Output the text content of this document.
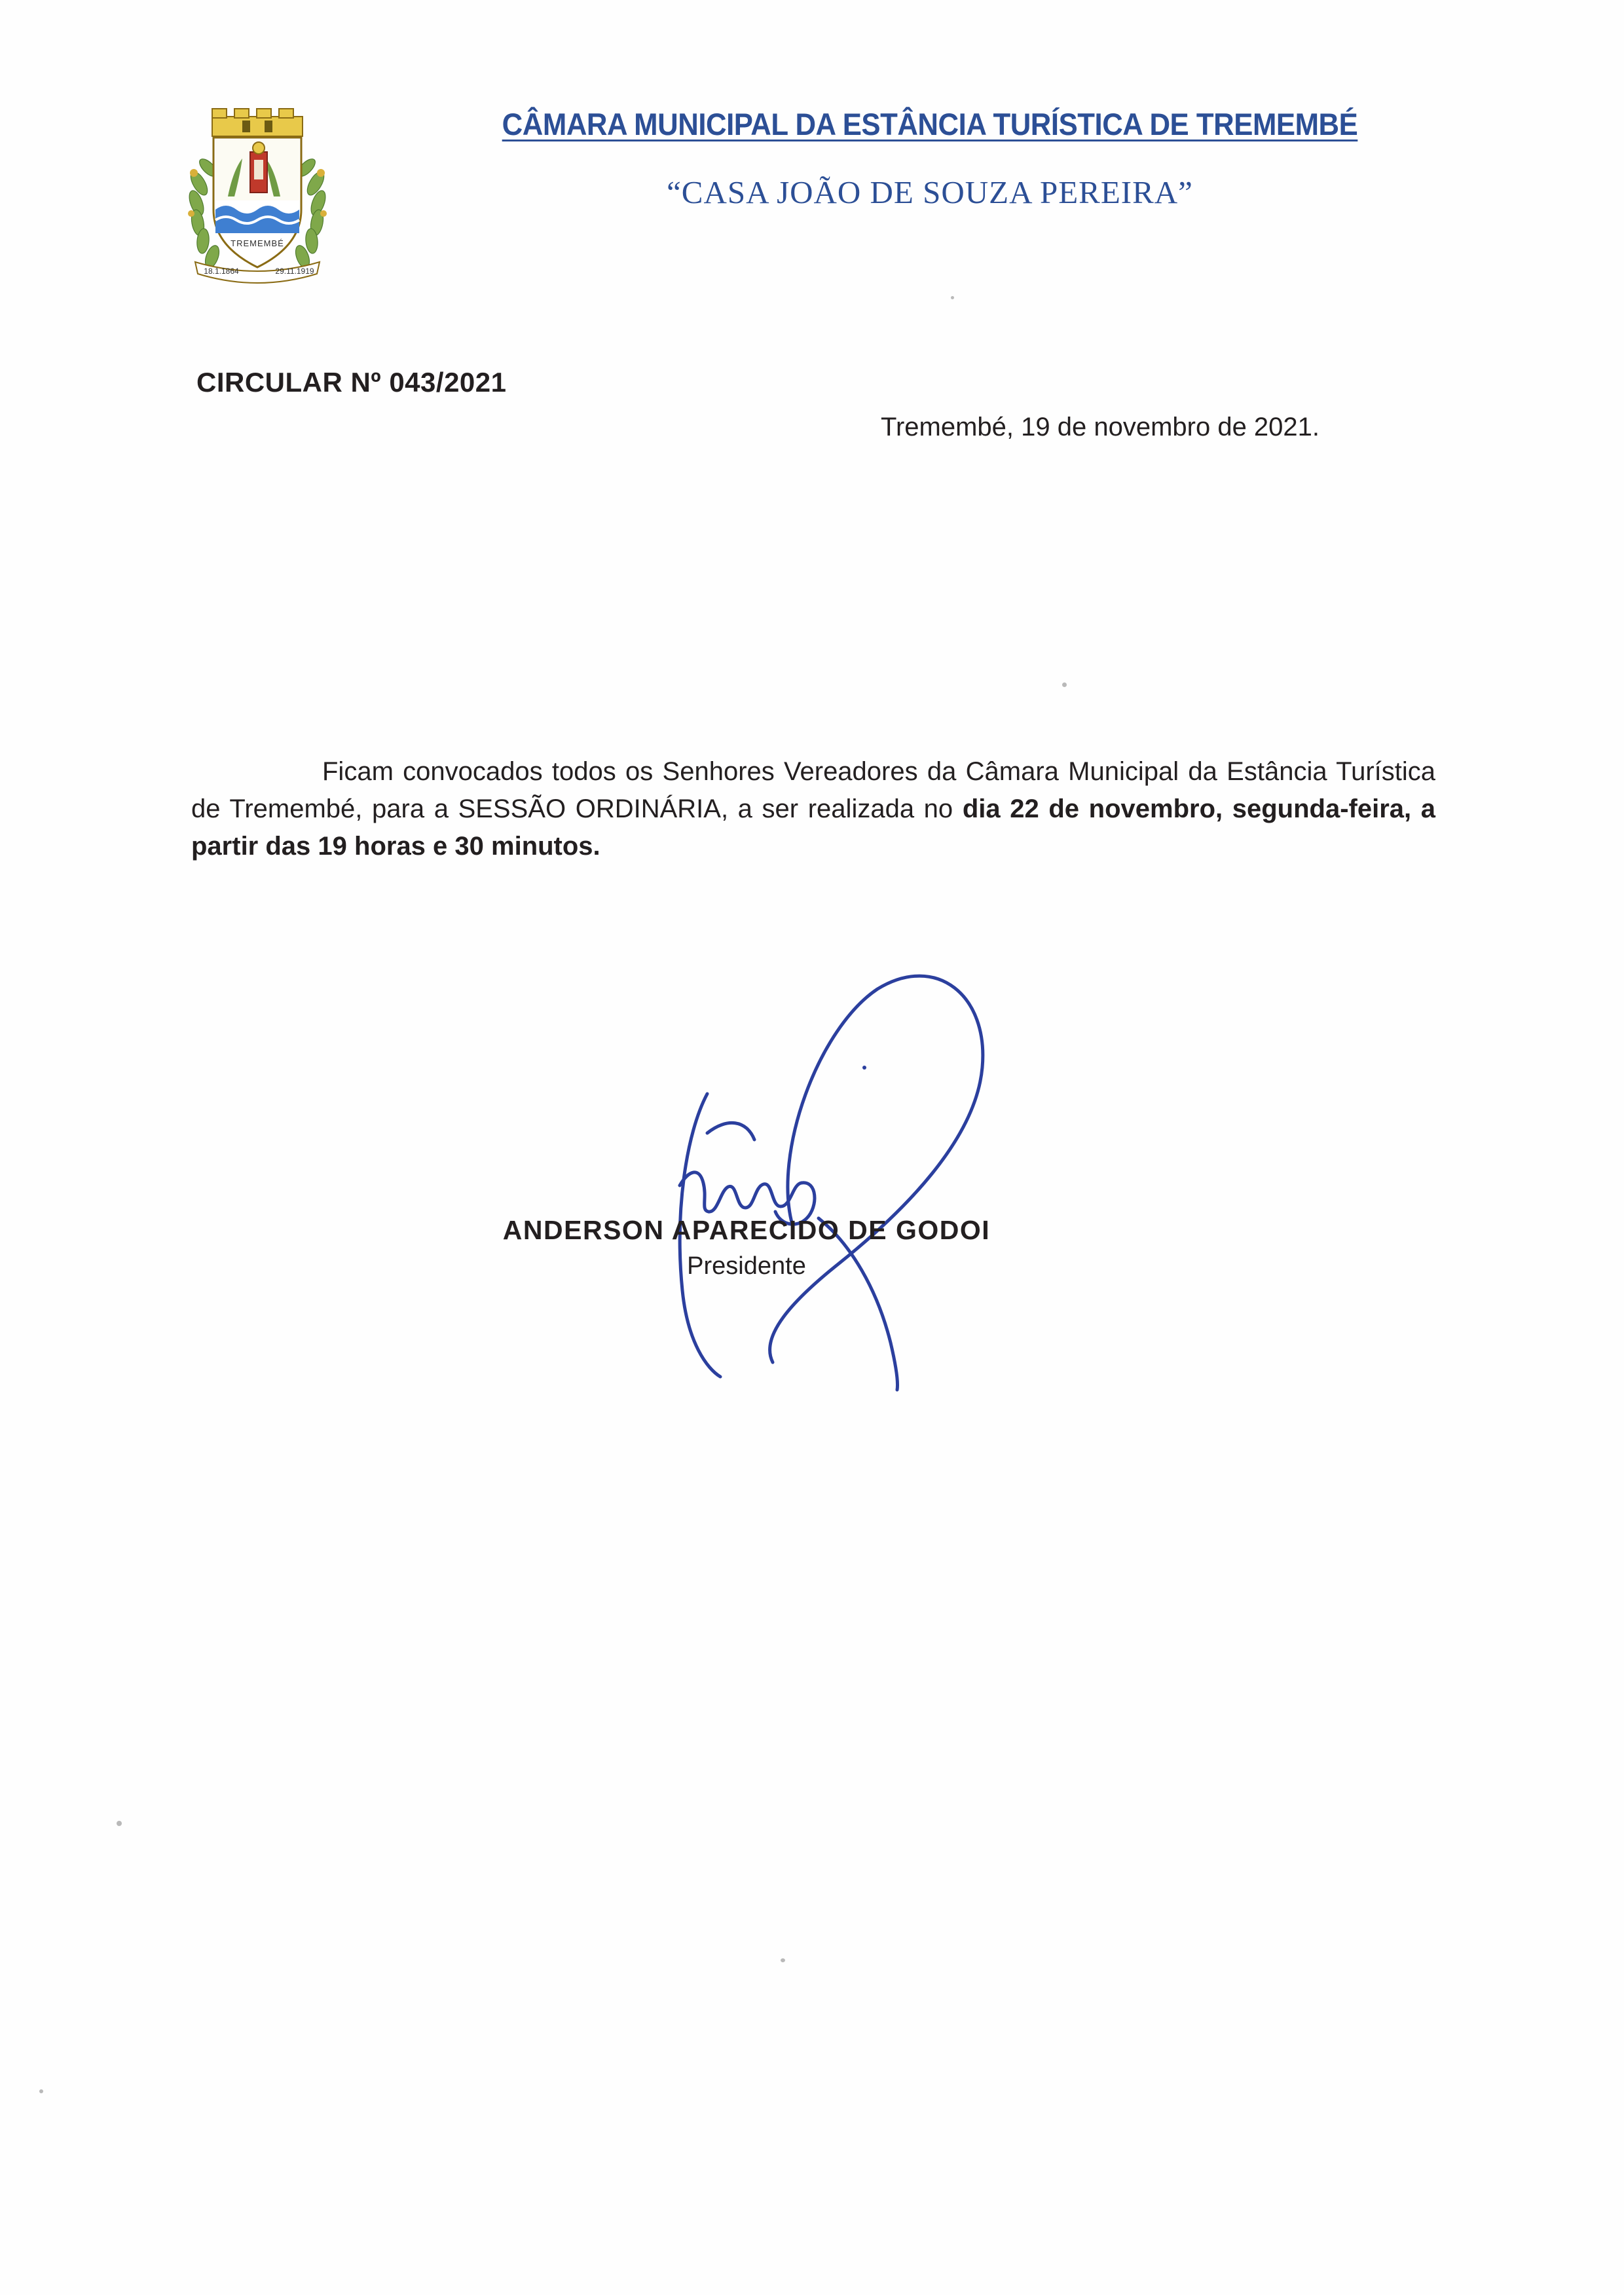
TREMEMBÉ
18.1.1864	29.11.1919
CÂMARA MUNICIPAL DA ESTÂNCIA TURÍSTICA DE TREMEMBÉ
“CASA JOÃO DE SOUZA PEREIRA”
CIRCULAR Nº 043/2021
Tremembé, 19 de novembro de 2021.
Ficam convocados todos os Senhores Vereadores da Câmara Municipal da Estância Turística de Tremembé, para a SESSÃO ORDINÁRIA, a ser realizada no dia 22 de novembro, segunda-feira, a partir das 19 horas e 30 minutos.
ANDERSON APARECIDO DE GODOI
Presidente
